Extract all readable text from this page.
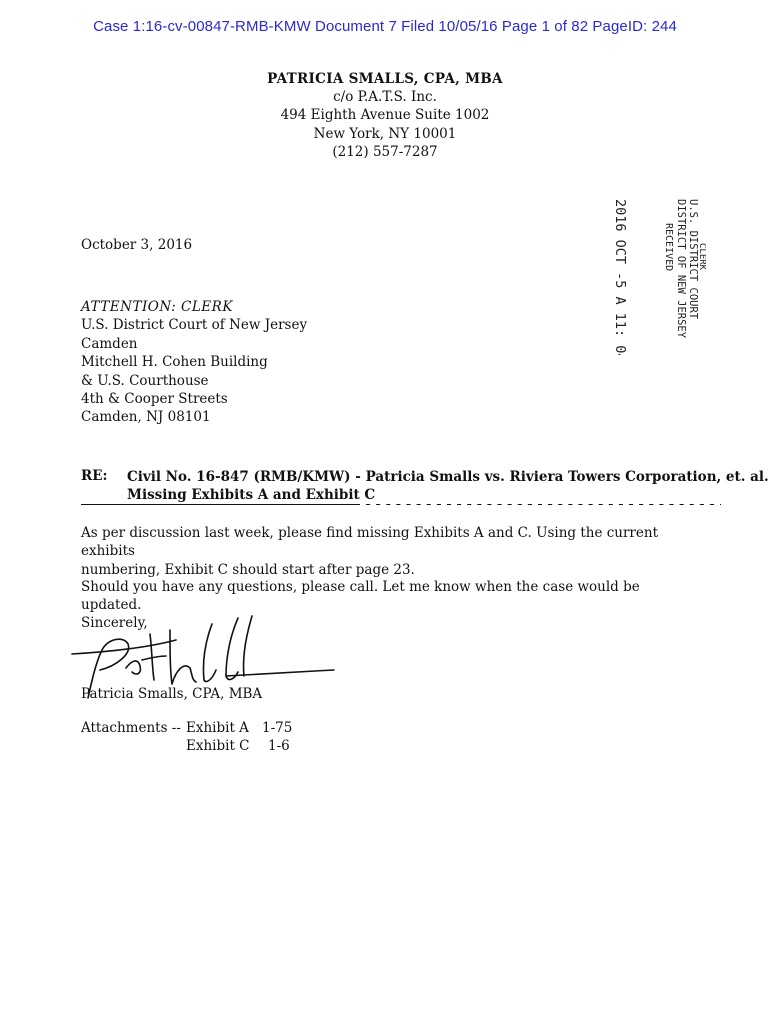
Case 1:16-cv-00847-RMB-KMW Document 7 Filed 10/05/16 Page 1 of 82 PageID: 244
PATRICIA SMALLS, CPA, MBA
c/o P.A.T.S. Inc.
494 Eighth Avenue Suite 1002
New York, NY 10001
(212) 557-7287
U.S. DISTRICT COURT
DISTRICT OF NEW JERSEY
RECEIVED	CLERK
2016 OCT -5 A 11: 04
October 3, 2016
ATTENTION: CLERK
U.S. District Court of New Jersey
Camden
Mitchell H. Cohen Building
& U.S. Courthouse
4th & Cooper Streets
Camden, NJ 08101
RE: Civil No. 16-847 (RMB/KMW) - Patricia Smalls vs. Riviera Towers Corporation, et. al.
Missing Exhibits A and Exhibit C
As per discussion last week, please find missing Exhibits A and C. Using the current exhibits
numbering, Exhibit C should start after page 23.
Should you have any questions, please call. Let me know when the case would be updated.
Sincerely,
Patricia Smalls, CPA, MBA
Attachments --	Exhibit A	1-75
	Exhibit C	1-6
